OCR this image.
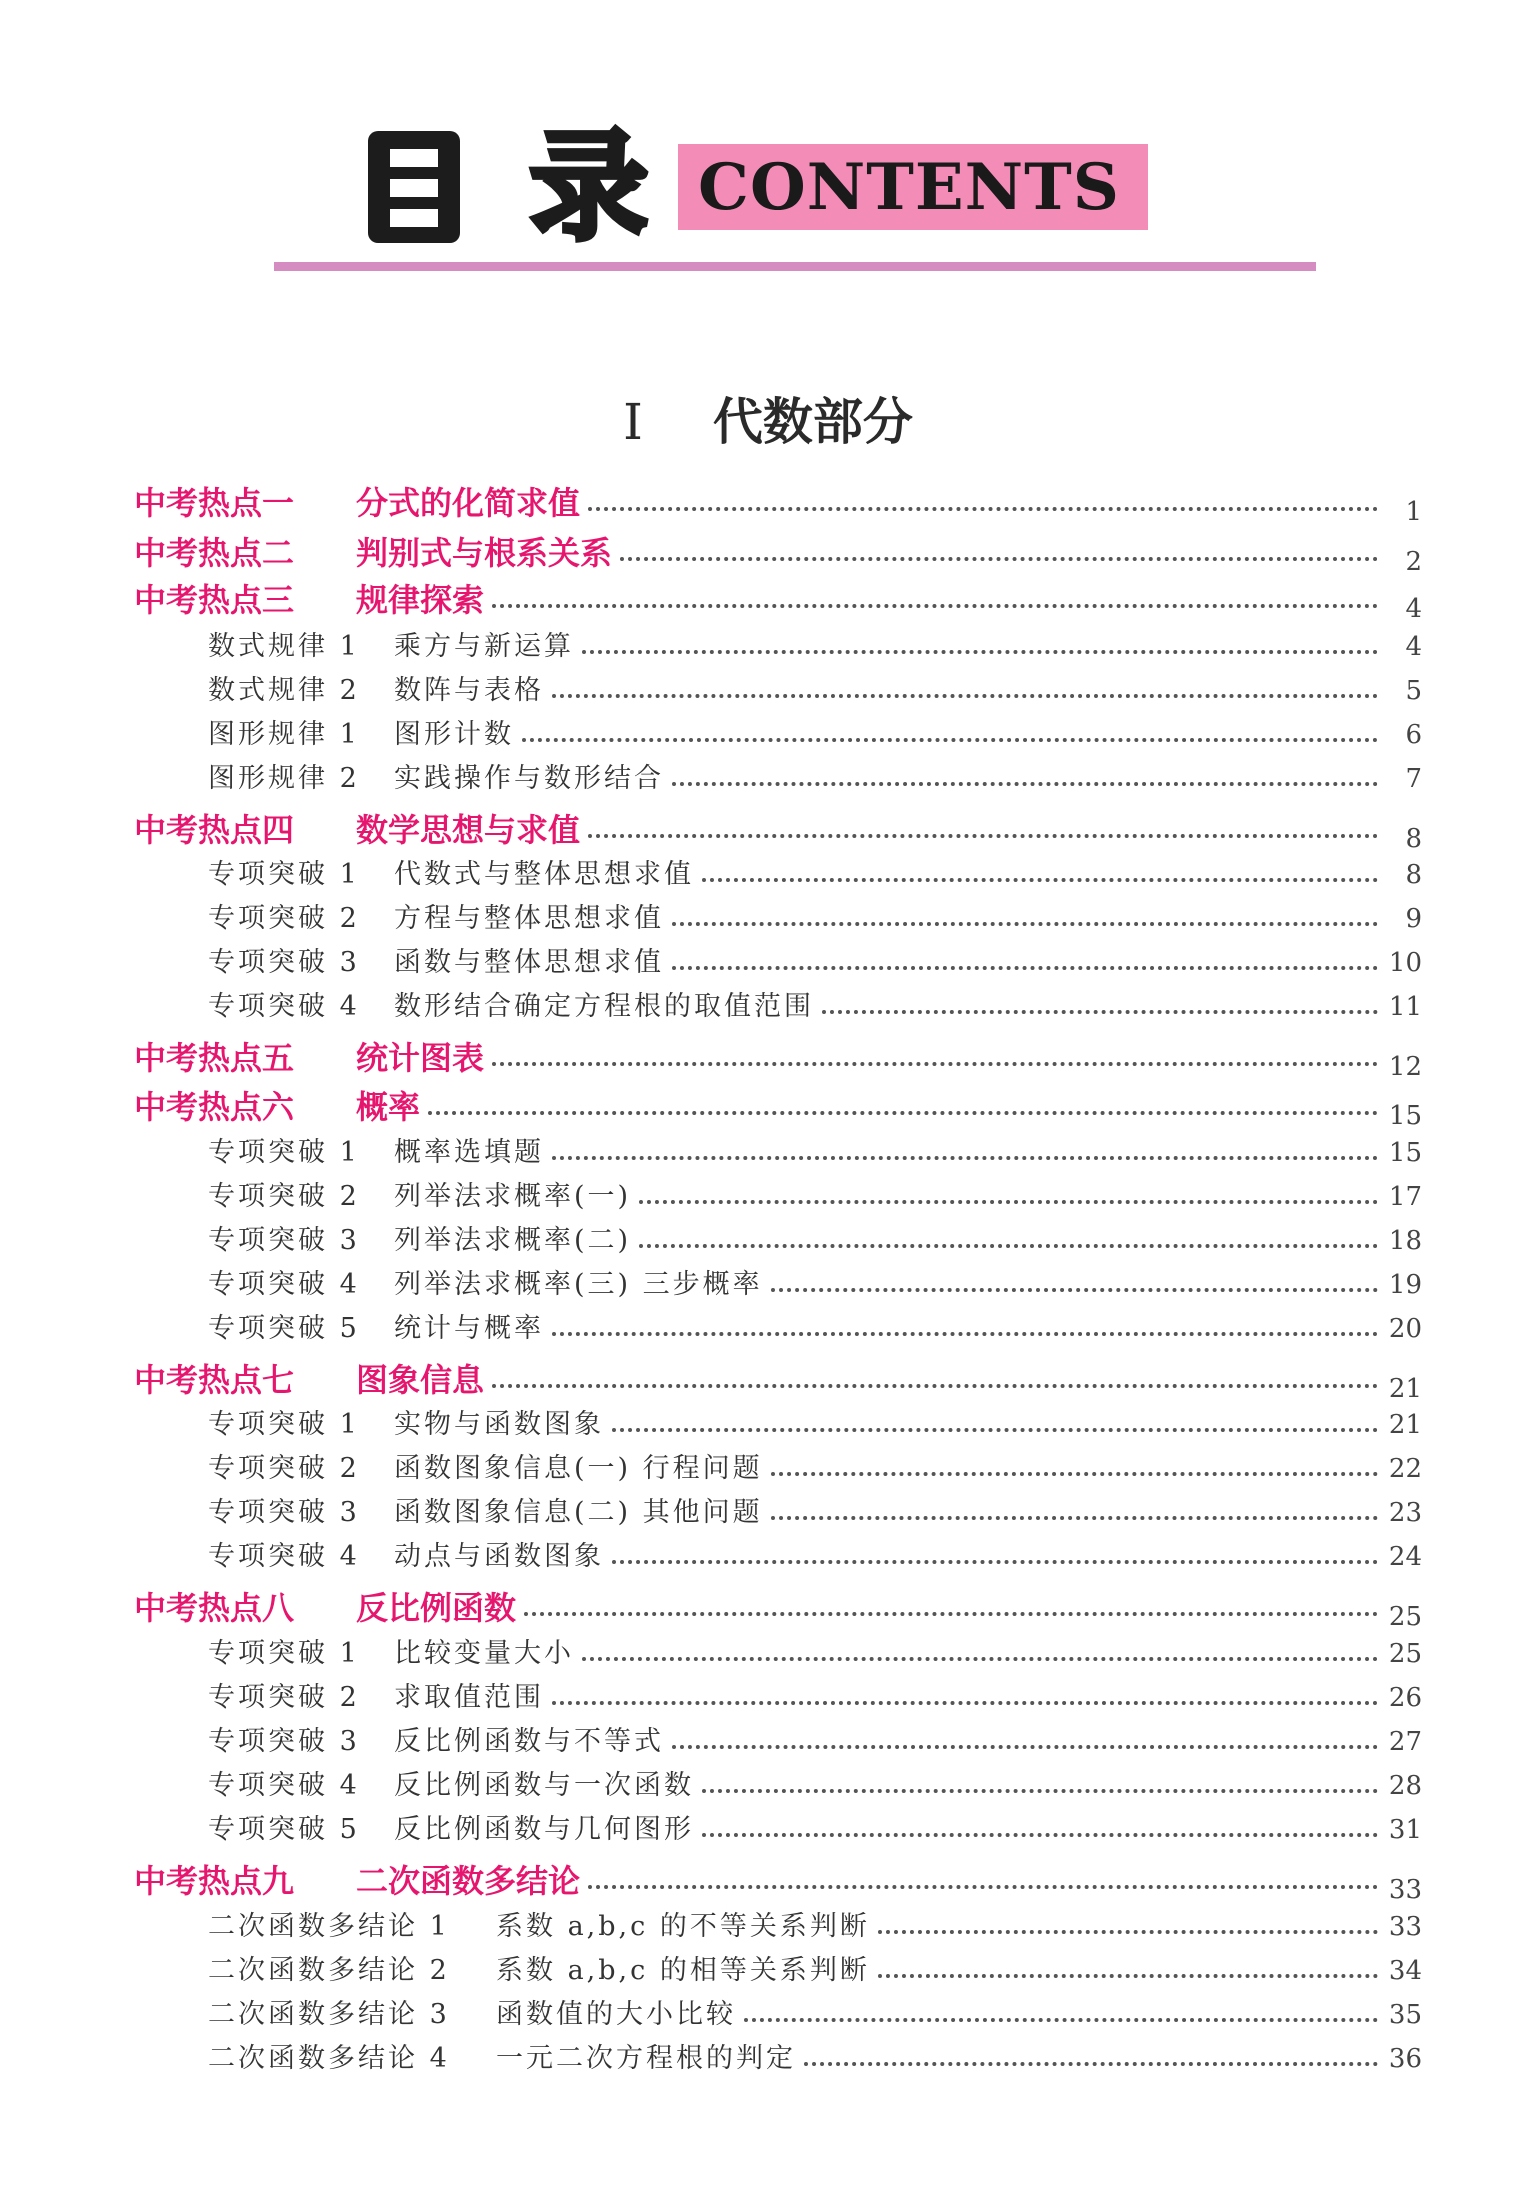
录 CONTENTS
I 代数部分
中考热点一	分式的化简求值	1
中考热点二	判别式与根系关系	2
中考热点三	规律探索	4
数式规律 1	乘方与新运算	4
数式规律 2	数阵与表格	5
图形规律 1	图形计数	6
图形规律 2	实践操作与数形结合	7
中考热点四	数学思想与求值	8
专项突破 1	代数式与整体思想求值	8
专项突破 2	方程与整体思想求值	9
专项突破 3	函数与整体思想求值	10
专项突破 4	数形结合确定方程根的取值范围	11
中考热点五	统计图表	12
中考热点六	概率	15
专项突破 1	概率选填题	15
专项突破 2	列举法求概率(一)	17
专项突破 3	列举法求概率(二)	18
专项突破 4	列举法求概率(三) 三步概率	19
专项突破 5	统计与概率	20
中考热点七	图象信息	21
专项突破 1	实物与函数图象	21
专项突破 2	函数图象信息(一) 行程问题	22
专项突破 3	函数图象信息(二) 其他问题	23
专项突破 4	动点与函数图象	24
中考热点八	反比例函数	25
专项突破 1	比较变量大小	25
专项突破 2	求取值范围	26
专项突破 3	反比例函数与不等式	27
专项突破 4	反比例函数与一次函数	28
专项突破 5	反比例函数与几何图形	31
中考热点九	二次函数多结论	33
二次函数多结论 1	系数 a,b,c 的不等关系判断	33
二次函数多结论 2	系数 a,b,c 的相等关系判断	34
二次函数多结论 3	函数值的大小比较	35
二次函数多结论 4	一元二次方程根的判定	36
